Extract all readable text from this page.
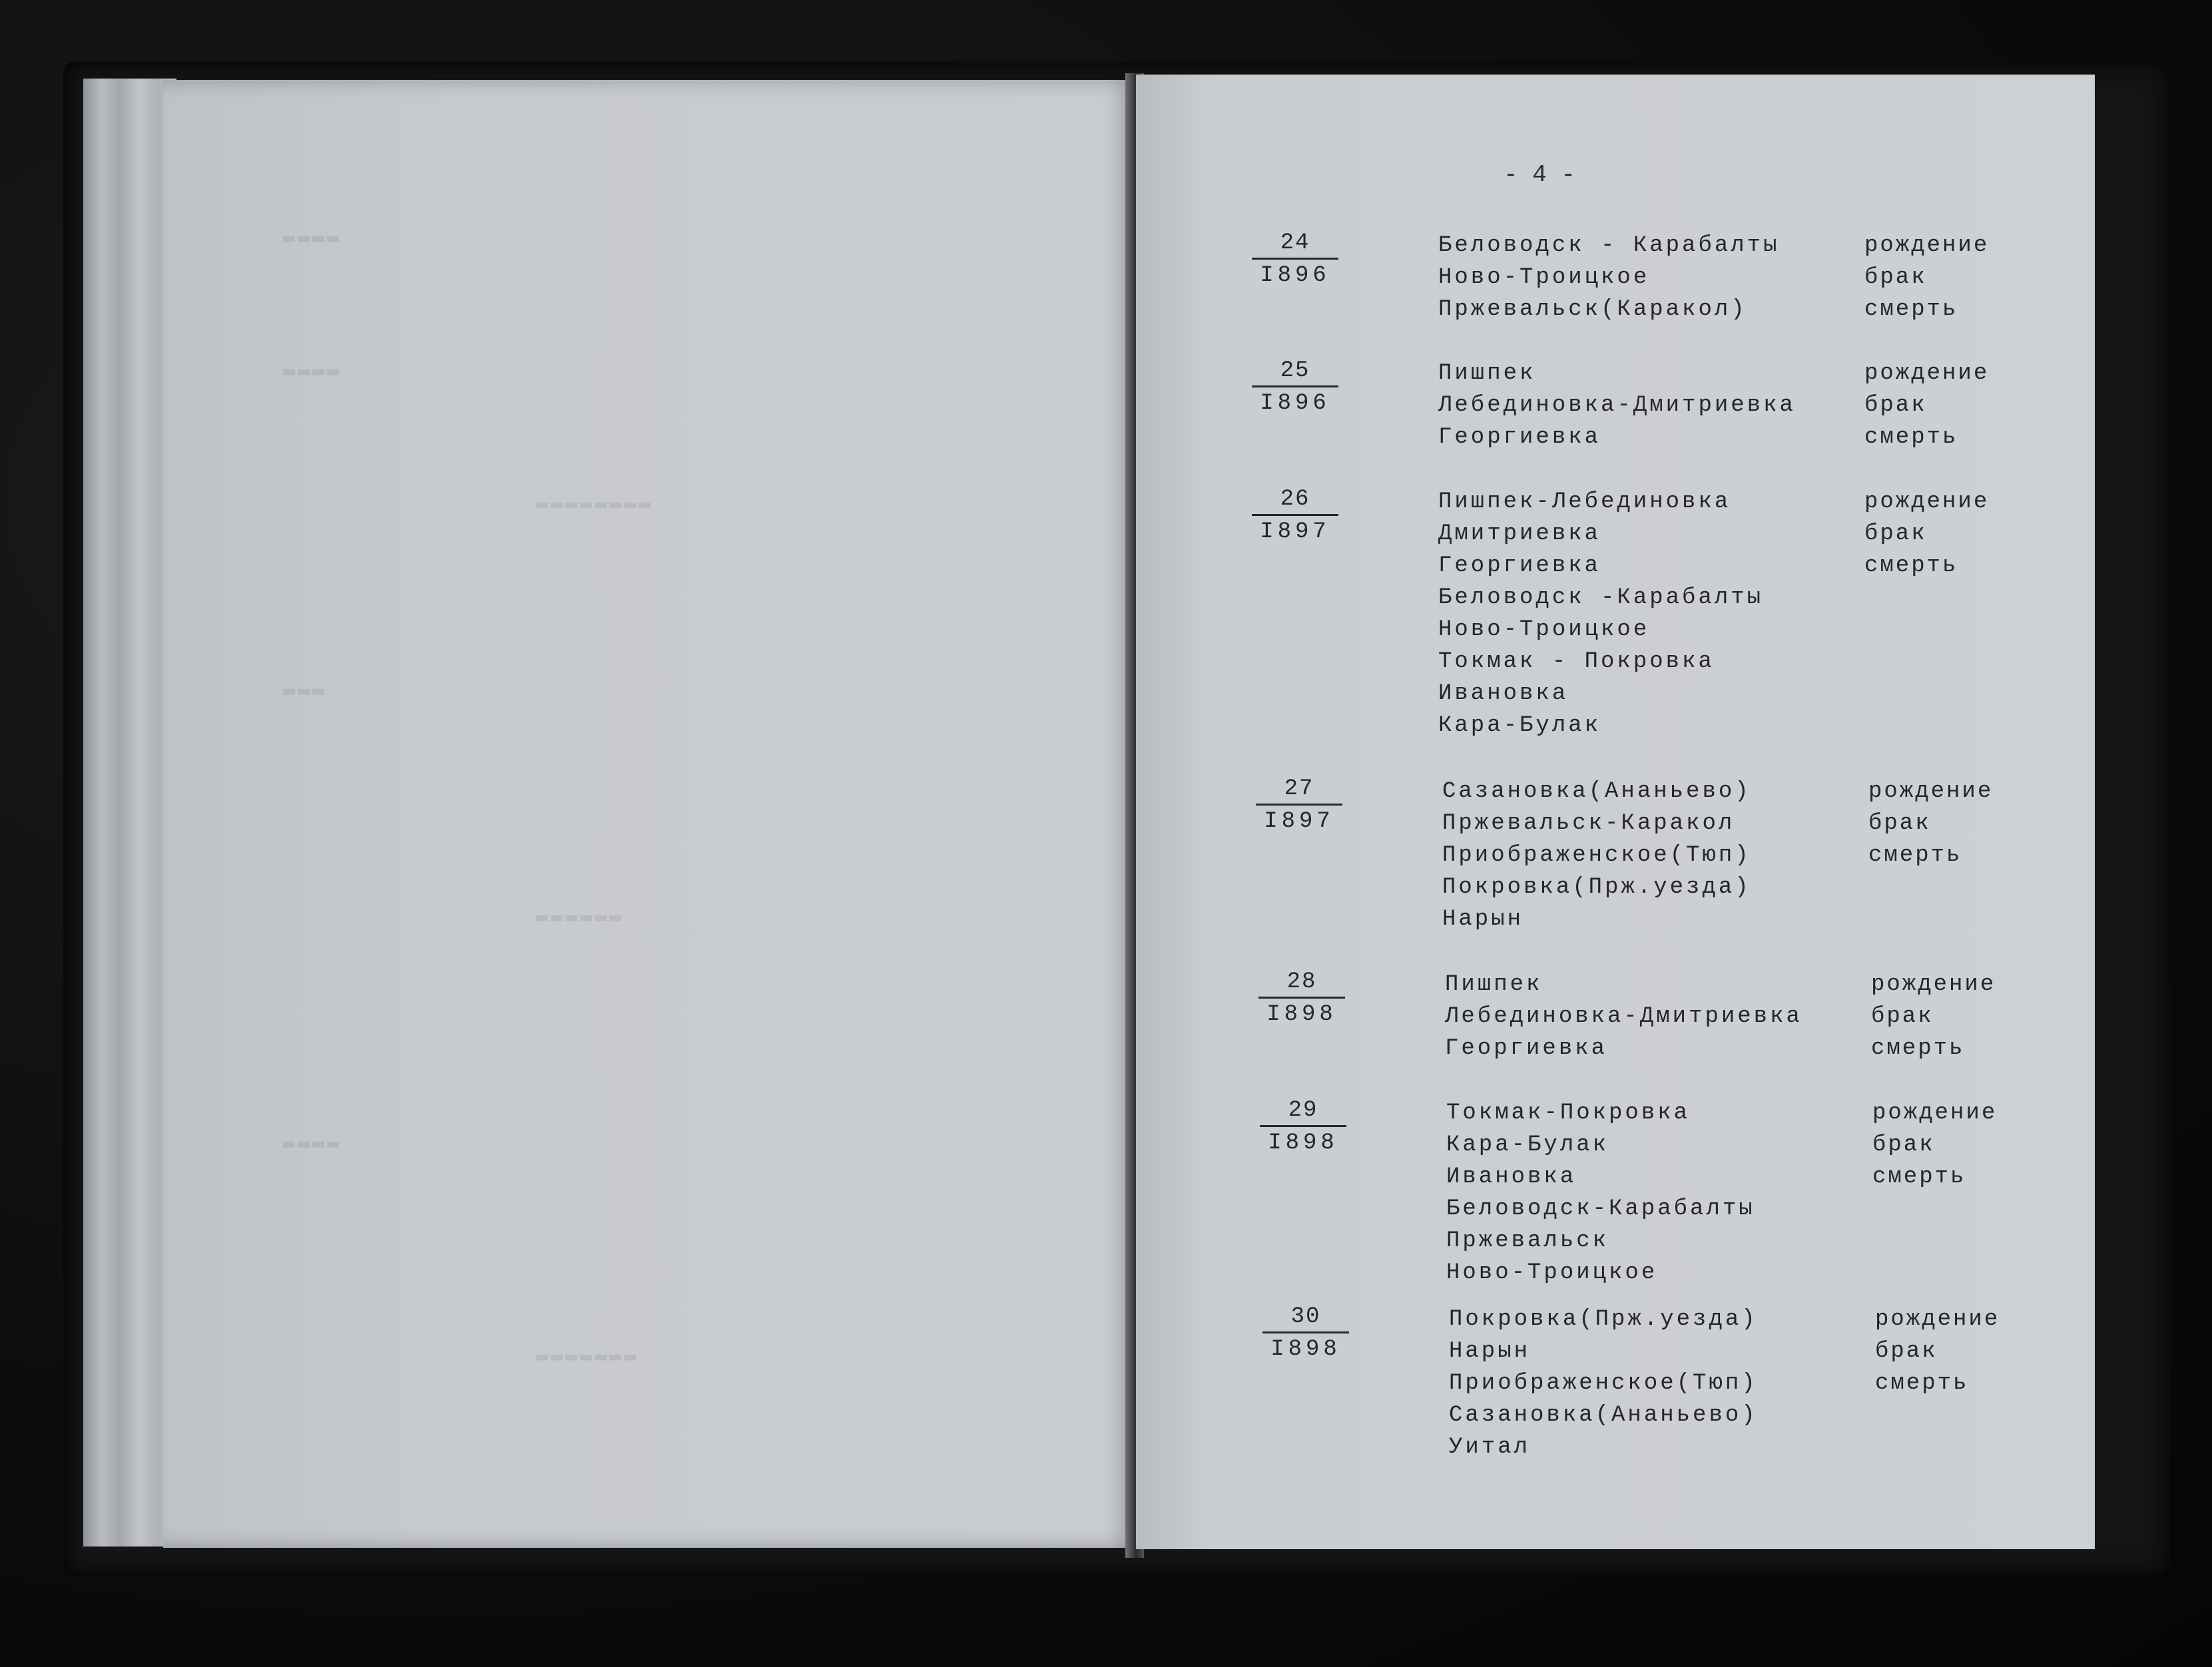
▬▬▬▬
▬▬▬▬
▬▬▬▬▬▬▬▬
▬▬▬
▬▬▬▬▬▬
▬▬▬▬
▬▬▬▬▬▬▬
- 4 -
24
I896
Беловодск - Карабалты
Ново-Троицкое
Пржевальск(Каракол)
рождение
брак
смерть
25
I896
Пишпек
Лебединовка-Дмитриевка
Георгиевка
рождение
брак
смерть
26
I897
Пишпек-Лебединовка
Дмитриевка
Георгиевка
Беловодск -Карабалты
Ново-Троицкое
Токмак - Покровка
Ивановка
Кара-Булак
рождение
брак
смерть
27
I897
Сазановка(Ананьево)
Пржевальск-Каракол
Приображенское(Тюп)
Покровка(Прж.уезда)
Нарын
рождение
брак
смерть
28
I898
Пишпек
Лебединовка-Дмитриевка
Георгиевка
рождение
брак
смерть
29
I898
Токмак-Покровка
Кара-Булак
Ивановка
Беловодск-Карабалты
Пржевальск
Ново-Троицкое
рождение
брак
смерть
30
I898
Покровка(Прж.уезда)
Нарын
Приображенское(Тюп)
Сазановка(Ананьево)
Уитал
рождение
брак
смерть
